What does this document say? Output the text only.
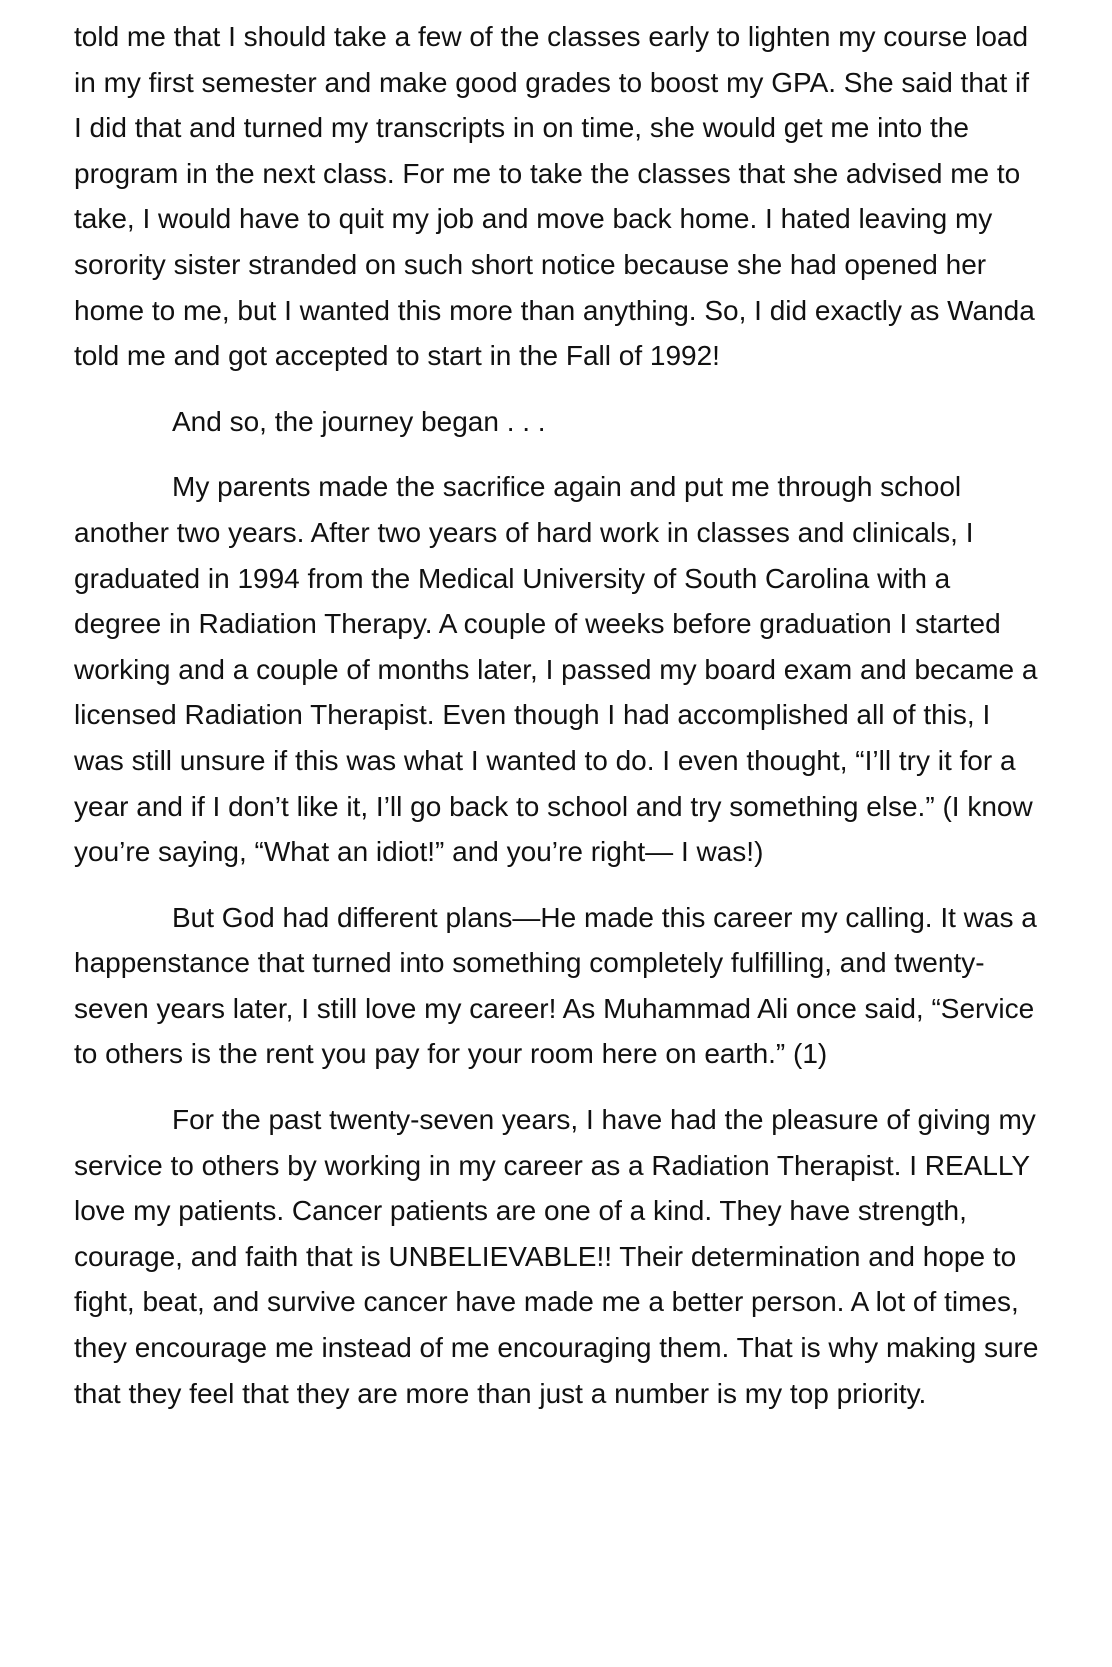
told me that I should take a few of the classes early to lighten my course load in my first semester and make good grades to boost my GPA. She said that if I did that and turned my transcripts in on time, she would get me into the program in the next class. For me to take the classes that she advised me to take, I would have to quit my job and move back home. I hated leaving my sorority sister stranded on such short notice because she had opened her home to me, but I wanted this more than anything. So, I did exactly as Wanda told me and got accepted to start in the Fall of 1992!

And so, the journey began . . .

My parents made the sacrifice again and put me through school another two years. After two years of hard work in classes and clinicals, I graduated in 1994 from the Medical University of South Carolina with a degree in Radiation Therapy. A couple of weeks before graduation I started working and a couple of months later, I passed my board exam and became a licensed Radiation Therapist. Even though I had accomplished all of this, I was still unsure if this was what I wanted to do. I even thought, “I’ll try it for a year and if I don’t like it, I’ll go back to school and try something else.” (I know you’re saying, “What an idiot!” and you’re right— I was!)

But God had different plans—He made this career my calling. It was a happenstance that turned into something completely fulfilling, and twenty-seven years later, I still love my career! As Muhammad Ali once said, “Service to others is the rent you pay for your room here on earth.” (1)

For the past twenty-seven years, I have had the pleasure of giving my service to others by working in my career as a Radiation Therapist. I REALLY love my patients. Cancer patients are one of a kind. They have strength, courage, and faith that is UNBELIEVABLE!! Their determination and hope to fight, beat, and survive cancer have made me a better person. A lot of times, they encourage me instead of me encouraging them. That is why making sure that they feel that they are more than just a number is my top priority.
